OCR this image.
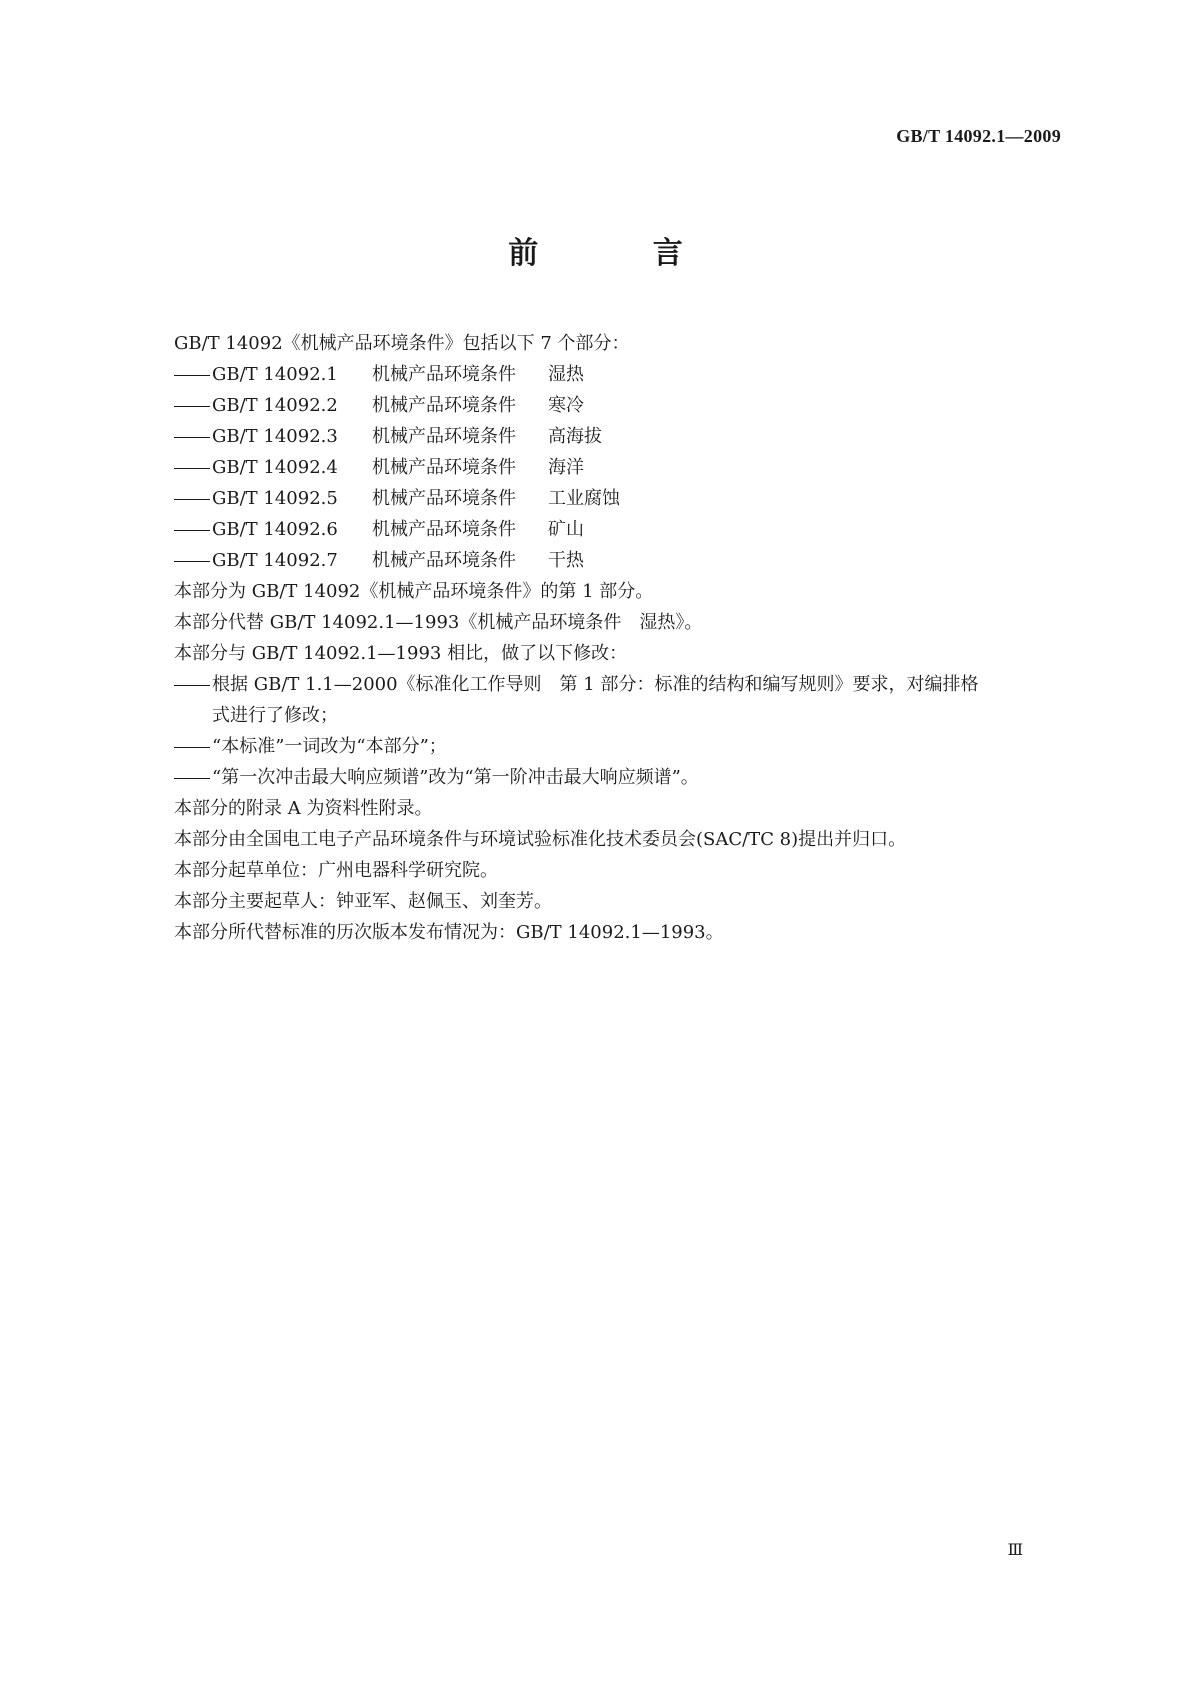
GB/T 14092.1—2009
前 言
GB/T 14092《机械产品环境条件》包括以下 7 个部分：
GB/T 14092.1 机械产品环境条件 湿热
GB/T 14092.2 机械产品环境条件 寒冷
GB/T 14092.3 机械产品环境条件 高海拔
GB/T 14092.4 机械产品环境条件 海洋
GB/T 14092.5 机械产品环境条件 工业腐蚀
GB/T 14092.6 机械产品环境条件 矿山
GB/T 14092.7 机械产品环境条件 干热
本部分为 GB/T 14092《机械产品环境条件》的第 1 部分。
本部分代替 GB/T 14092.1—1993《机械产品环境条件　湿热》。
本部分与 GB/T 14092.1—1993 相比，做了以下修改：
根据 GB/T 1.1—2000《标准化工作导则　第 1 部分：标准的结构和编写规则》要求，对编排格
式进行了修改；
“本标准”一词改为“本部分”；
“第一次冲击最大响应频谱”改为“第一阶冲击最大响应频谱”。
本部分的附录 A 为资料性附录。
本部分由全国电工电子产品环境条件与环境试验标准化技术委员会(SAC/TC 8)提出并归口。
本部分起草单位：广州电器科学研究院。
本部分主要起草人：钟亚军、赵佩玉、刘奎芳。
本部分所代替标准的历次版本发布情况为：GB/T 14092.1—1993。
Ⅲ
